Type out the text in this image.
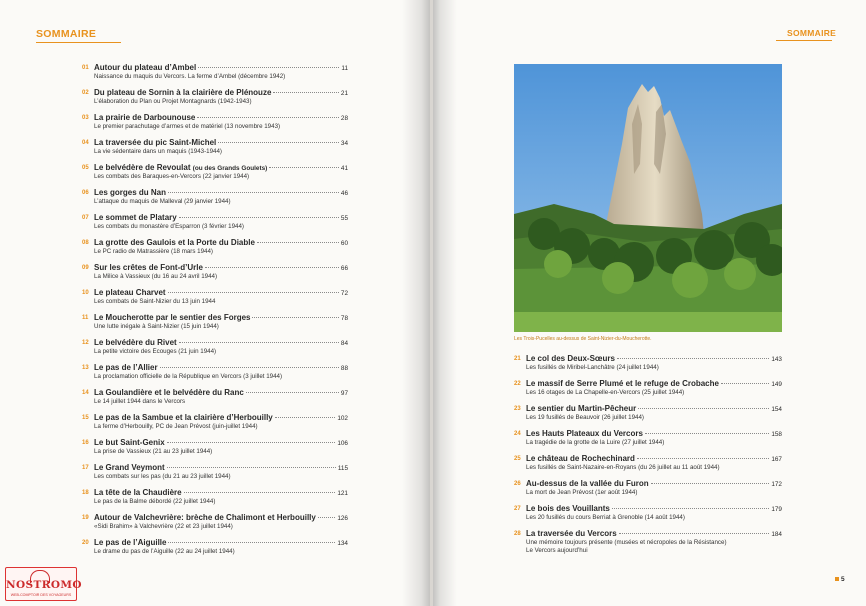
SOMMAIRE	SOMMAIRE
01 Autour du plateau d’Ambel	11
Naissance du maquis du Vercors. La ferme d’Ambel (décembre 1942)
02 Du plateau de Sornin à la clairière de Plénouze	21
L’élaboration du Plan ou Projet Montagnards (1942-1943)
03 La prairie de Darbounouse	28
Le premier parachutage d’armes et de matériel (13 novembre 1943)
04 La traversée du pic Saint-Michel	34
La vie sédentaire dans un maquis (1943-1944)
05 Le belvédère de Revoulat (ou des Grands Goulets)	41
Les combats des Baraques-en-Vercors (22 janvier 1944)
06 Les gorges du Nan	46
L’attaque du maquis de Malleval (29 janvier 1944)
07 Le sommet de Platary	55
Les combats du monastère d’Esparron (3 février 1944)
08 La grotte des Gaulois et la Porte du Diable	60
Le PC radio de Matrassière (18 mars 1944)
09 Sur les crêtes de Font-d’Urle	66
La Milice à Vassieux (du 16 au 24 avril 1944)
10 Le plateau Charvet	72
Les combats de Saint-Nizier du 13 juin 1944
11 Le Moucherotte par le sentier des Forges	78
Une lutte inégale à Saint-Nizier (15 juin 1944)
12 Le belvédère du Rivet	84
La petite victoire des Écouges (21 juin 1944)
13 Le pas de l’Allier	88
La proclamation officielle de la République en Vercors (3 juillet 1944)
14 La Goulandière et le belvédère du Ranc	97
Le 14 juillet 1944 dans le Vercors
15 Le pas de la Sambue et la clairière d’Herbouilly	102
La ferme d’Herbouilly, PC de Jean Prévost (juin-juillet 1944)
16 Le but Saint-Genix	106
La prise de Vassieux (21 au 23 juillet 1944)
17 Le Grand Veymont	115
Les combats sur les pas (du 21 au 23 juillet 1944)
18 La tête de la Chaudière	121
Le pas de la Balme débordé (22 juillet 1944)
19 Autour de Valchevrière: brèche de Chalimont et Herbouilly	126
«Sidi Brahim» à Valchevrière (22 et 23 juillet 1944)
20 Le pas de l’Aiguille	134
Le drame du pas de l’Aiguille (22 au 24 juillet 1944)
Les Trois-Pucelles au-dessus de Saint-Nizier-du-Moucherotte.
21 Le col des Deux-Sœurs	143
Les fusillés de Miribel-Lanchâtre (24 juillet 1944)
22 Le massif de Serre Plumé et le refuge de Crobache	149
Les 16 otages de La Chapelle-en-Vercors (25 juillet 1944)
23 Le sentier du Martin-Pêcheur	154
Les 19 fusillés de Beauvoir (26 juillet 1944)
24 Les Hauts Plateaux du Vercors	158
La tragédie de la grotte de la Luire (27 juillet 1944)
25 Le château de Rochechinard	167
Les fusillés de Saint-Nazaire-en-Royans (du 26 juillet au 11 août 1944)
26 Au-dessus de la vallée du Furon	172
La mort de Jean Prévost (1er août 1944)
27 Le bois des Vouillants	179
Les 20 fusillés du cours Berriat à Grenoble (14 août 1944)
28 La traversée du Vercors	184
Une mémoire toujours présente (musées et nécropoles de la Résistance)
Le Vercors aujourd’hui
5
NOSTROMO
WEB-COMPTOIR DES VOYAGEURS
